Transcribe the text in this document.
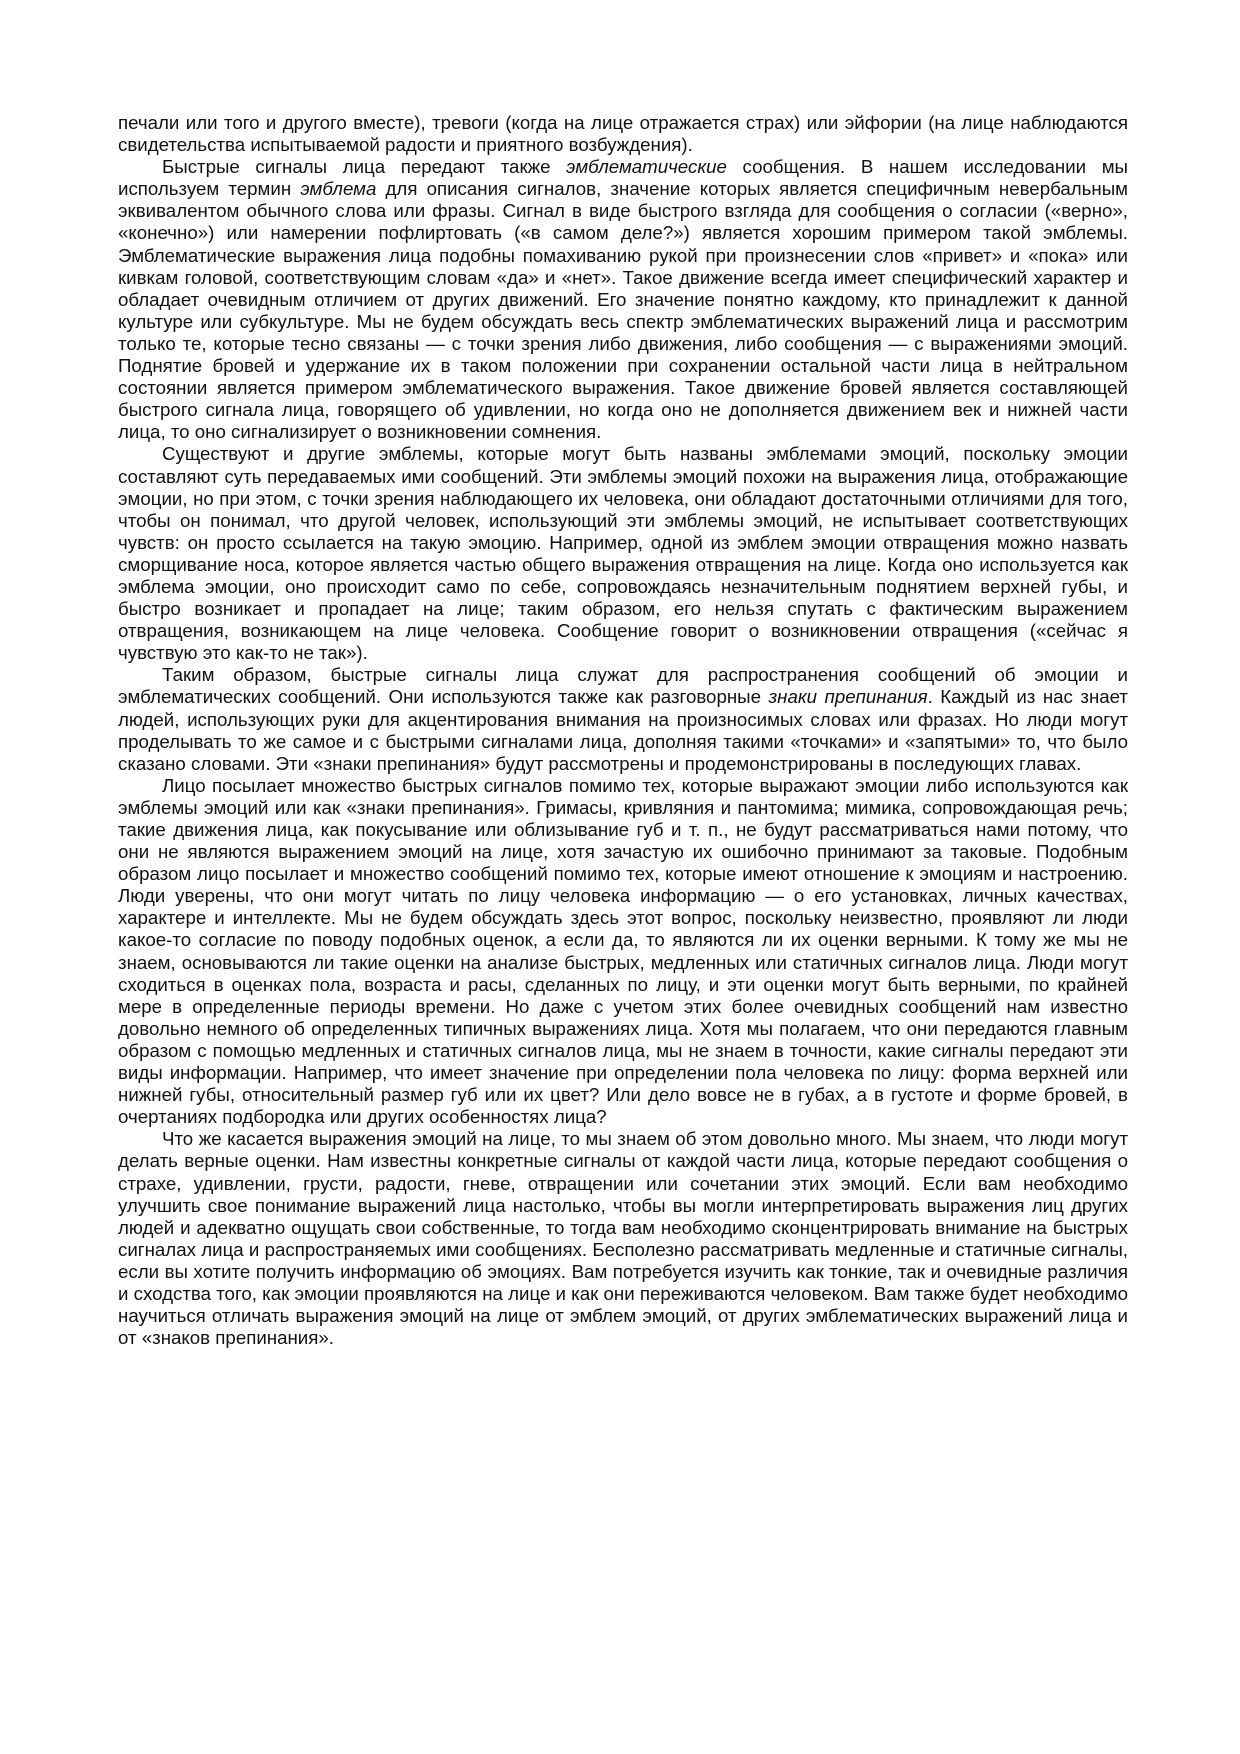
печали или того и другого вместе), тревоги (когда на лице отражается страх) или эйфории (на лице наблюдаются свидетельства испытываемой радости и приятного возбуждения).

Быстрые сигналы лица передают также эмблематические сообщения. В нашем исследовании мы используем термин эмблема для описания сигналов, значение которых является специфичным невербальным эквивалентом обычного слова или фразы. Сигнал в виде быстрого взгляда для сообщения о согласии («верно», «конечно») или намерении пофлиртовать («в самом деле?») является хорошим примером такой эмблемы. Эмблематические выражения лица подобны помахиванию рукой при произнесении слов «привет» и «пока» или кивкам головой, соответствующим словам «да» и «нет». Такое движение всегда имеет специфический характер и обладает очевидным отличием от других движений. Его значение понятно каждому, кто принадлежит к данной культуре или субкультуре. Мы не будем обсуждать весь спектр эмблематических выражений лица и рассмотрим только те, которые тесно связаны — с точки зрения либо движения, либо сообщения — с выражениями эмоций. Поднятие бровей и удержание их в таком положении при сохранении остальной части лица в нейтральном состоянии является примером эмблематического выражения. Такое движение бровей является составляющей быстрого сигнала лица, говорящего об удивлении, но когда оно не дополняется движением век и нижней части лица, то оно сигнализирует о возникновении сомнения.

Существуют и другие эмблемы, которые могут быть названы эмблемами эмоций, поскольку эмоции составляют суть передаваемых ими сообщений. Эти эмблемы эмоций похожи на выражения лица, отображающие эмоции, но при этом, с точки зрения наблюдающего их человека, они обладают достаточными отличиями для того, чтобы он понимал, что другой человек, использующий эти эмблемы эмоций, не испытывает соответствующих чувств: он просто ссылается на такую эмоцию. Например, одной из эмблем эмоции отвращения можно назвать сморщивание носа, которое является частью общего выражения отвращения на лице. Когда оно используется как эмблема эмоции, оно происходит само по себе, сопровождаясь незначительным поднятием верхней губы, и быстро возникает и пропадает на лице; таким образом, его нельзя спутать с фактическим выражением отвращения, возникающем на лице человека. Сообщение говорит о возникновении отвращения («сейчас я чувствую это как-то не так»).

Таким образом, быстрые сигналы лица служат для распространения сообщений об эмоции и эмблематических сообщений. Они используются также как разговорные знаки препинания. Каждый из нас знает людей, использующих руки для акцентирования внимания на произносимых словах или фразах. Но люди могут проделывать то же самое и с быстрыми сигналами лица, дополняя такими «точками» и «запятыми» то, что было сказано словами. Эти «знаки препинания» будут рассмотрены и продемонстрированы в последующих главах.

Лицо посылает множество быстрых сигналов помимо тех, которые выражают эмоции либо используются как эмблемы эмоций или как «знаки препинания». Гримасы, кривляния и пантомима; мимика, сопровождающая речь; такие движения лица, как покусывание или облизывание губ и т. п., не будут рассматриваться нами потому, что они не являются выражением эмоций на лице, хотя зачастую их ошибочно принимают за таковые. Подобным образом лицо посылает и множество сообщений помимо тех, которые имеют отношение к эмоциям и настроению. Люди уверены, что они могут читать по лицу человека информацию — о его установках, личных качествах, характере и интеллекте. Мы не будем обсуждать здесь этот вопрос, поскольку неизвестно, проявляют ли люди какое-то согласие по поводу подобных оценок, а если да, то являются ли их оценки верными. К тому же мы не знаем, основываются ли такие оценки на анализе быстрых, медленных или статичных сигналов лица. Люди могут сходиться в оценках пола, возраста и расы, сделанных по лицу, и эти оценки могут быть верными, по крайней мере в определенные периоды времени. Но даже с учетом этих более очевидных сообщений нам известно довольно немного об определенных типичных выражениях лица. Хотя мы полагаем, что они передаются главным образом с помощью медленных и статичных сигналов лица, мы не знаем в точности, какие сигналы передают эти виды информации. Например, что имеет значение при определении пола человека по лицу: форма верхней или нижней губы, относительный размер губ или их цвет? Или дело вовсе не в губах, а в густоте и форме бровей, в очертаниях подбородка или других особенностях лица?

Что же касается выражения эмоций на лице, то мы знаем об этом довольно много. Мы знаем, что люди могут делать верные оценки. Нам известны конкретные сигналы от каждой части лица, которые передают сообщения о страхе, удивлении, грусти, радости, гневе, отвращении или сочетании этих эмоций. Если вам необходимо улучшить свое понимание выражений лица настолько, чтобы вы могли интерпретировать выражения лиц других людей и адекватно ощущать свои собственные, то тогда вам необходимо сконцентрировать внимание на быстрых сигналах лица и распространяемых ими сообщениях. Бесполезно рассматривать медленные и статичные сигналы, если вы хотите получить информацию об эмоциях. Вам потребуется изучить как тонкие, так и очевидные различия и сходства того, как эмоции проявляются на лице и как они переживаются человеком. Вам также будет необходимо научиться отличать выражения эмоций на лице от эмблем эмоций, от других эмблематических выражений лица и от «знаков препинания».
